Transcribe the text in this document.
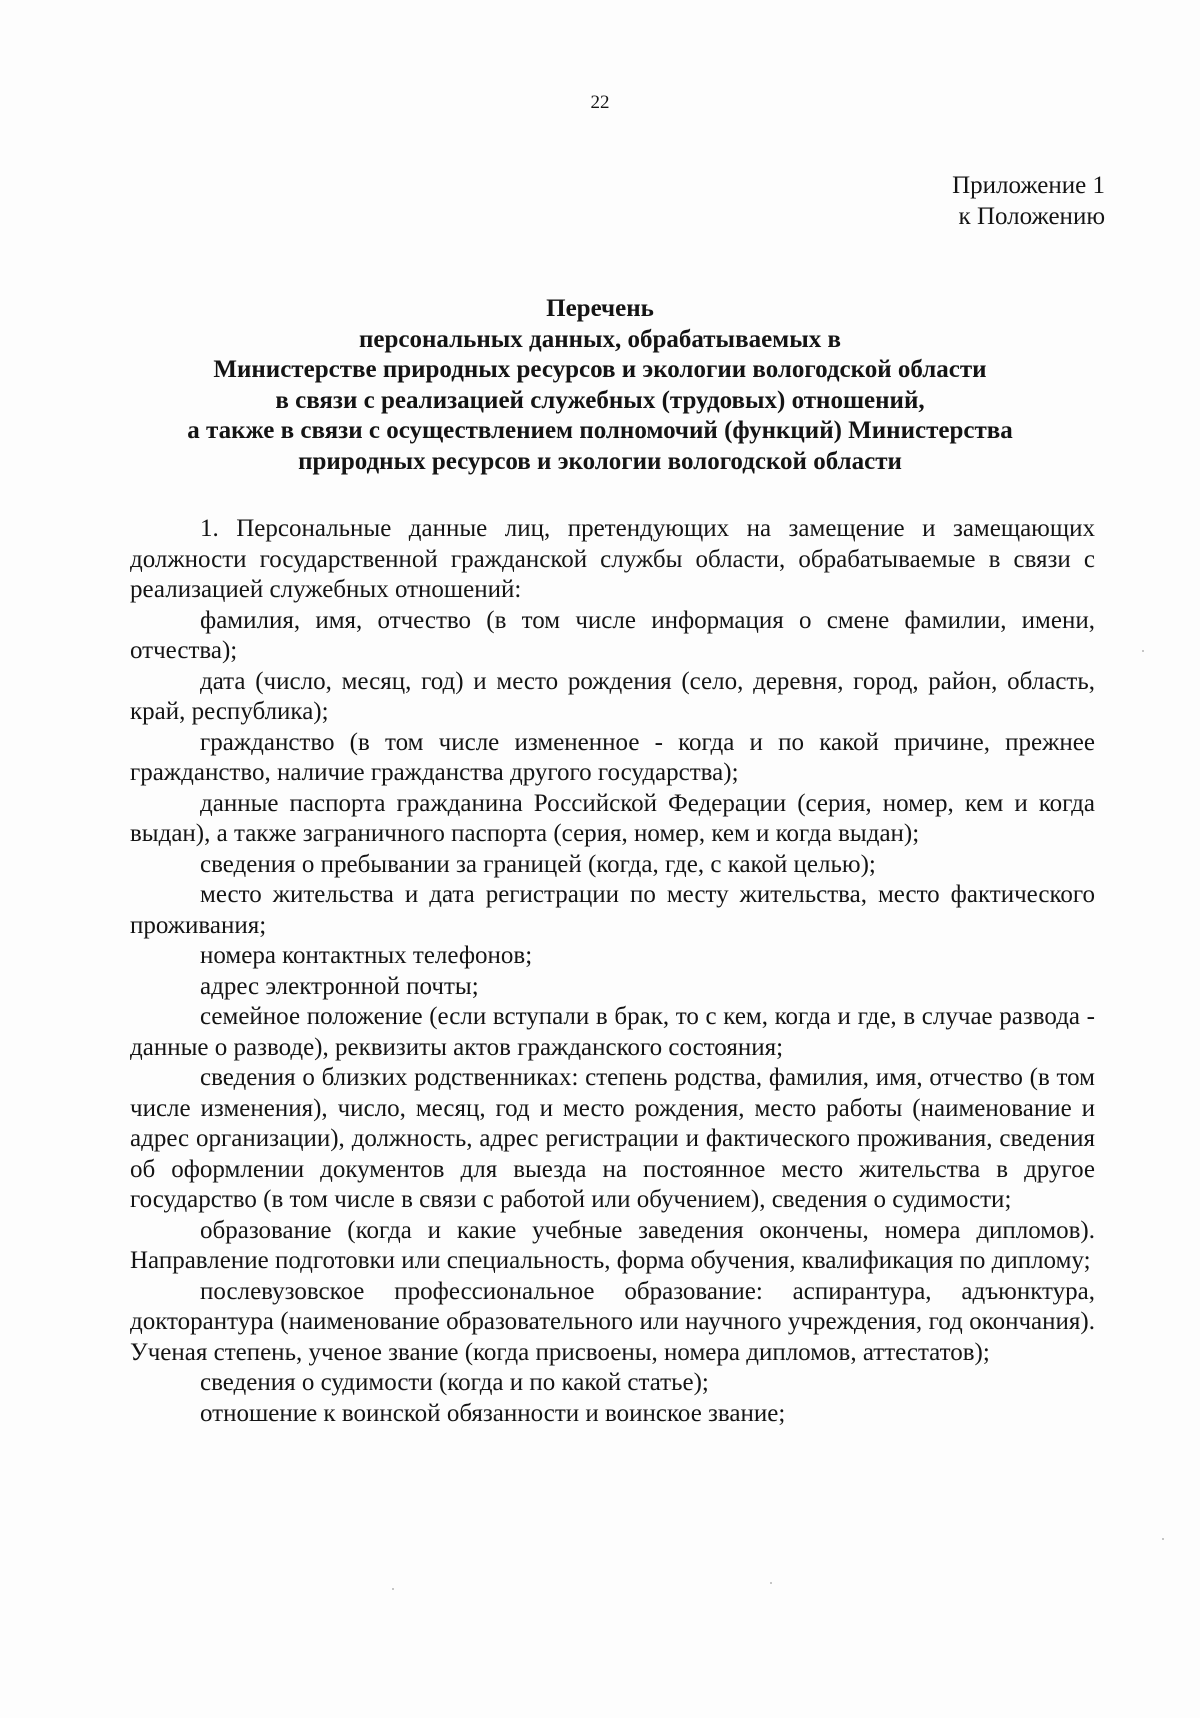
22
Приложение 1
к Положению
Перечень
персональных данных, обрабатываемых в
Министерстве природных ресурсов и экологии вологодской области
в связи с реализацией служебных (трудовых) отношений,
а также в связи с осуществлением полномочий (функций) Министерства
природных ресурсов и экологии вологодской области

1. Персональные данные лиц, претендующих на замещение и замещающих должности государственной гражданской службы области, обрабатываемые в связи с реализацией служебных отношений:

фамилия, имя, отчество (в том числе информация о смене фамилии, имени, отчества);

дата (число, месяц, год) и место рождения (село, деревня, город, район, область, край, республика);

гражданство (в том числе измененное - когда и по какой причине, прежнее гражданство, наличие гражданства другого государства);

данные паспорта гражданина Российской Федерации (серия, номер, кем и когда выдан), а также заграничного паспорта (серия, номер, кем и когда выдан);

сведения о пребывании за границей (когда, где, с какой целью);

место жительства и дата регистрации по месту жительства, место фактического проживания;

номера контактных телефонов;

адрес электронной почты;

семейное положение (если вступали в брак, то с кем, когда и где, в случае развода - данные о разводе), реквизиты актов гражданского состояния;

сведения о близких родственниках: степень родства, фамилия, имя, отчество (в том числе изменения), число, месяц, год и место рождения, место работы (наименование и адрес организации), должность, адрес регистрации и фактического проживания, сведения об оформлении документов для выезда на постоянное место жительства в другое государство (в том числе в связи с работой или обучением), сведения о судимости;

образование (когда и какие учебные заведения окончены, номера дипломов). Направление подготовки или специальность, форма обучения, квалификация по диплому;

послевузовское профессиональное образование: аспирантура, адъюнктура, докторантура (наименование образовательного или научного учреждения, год окончания). Ученая степень, ученое звание (когда присвоены, номера дипломов, аттестатов);

сведения о судимости (когда и по какой статье);

отношение к воинской обязанности и воинское звание;
